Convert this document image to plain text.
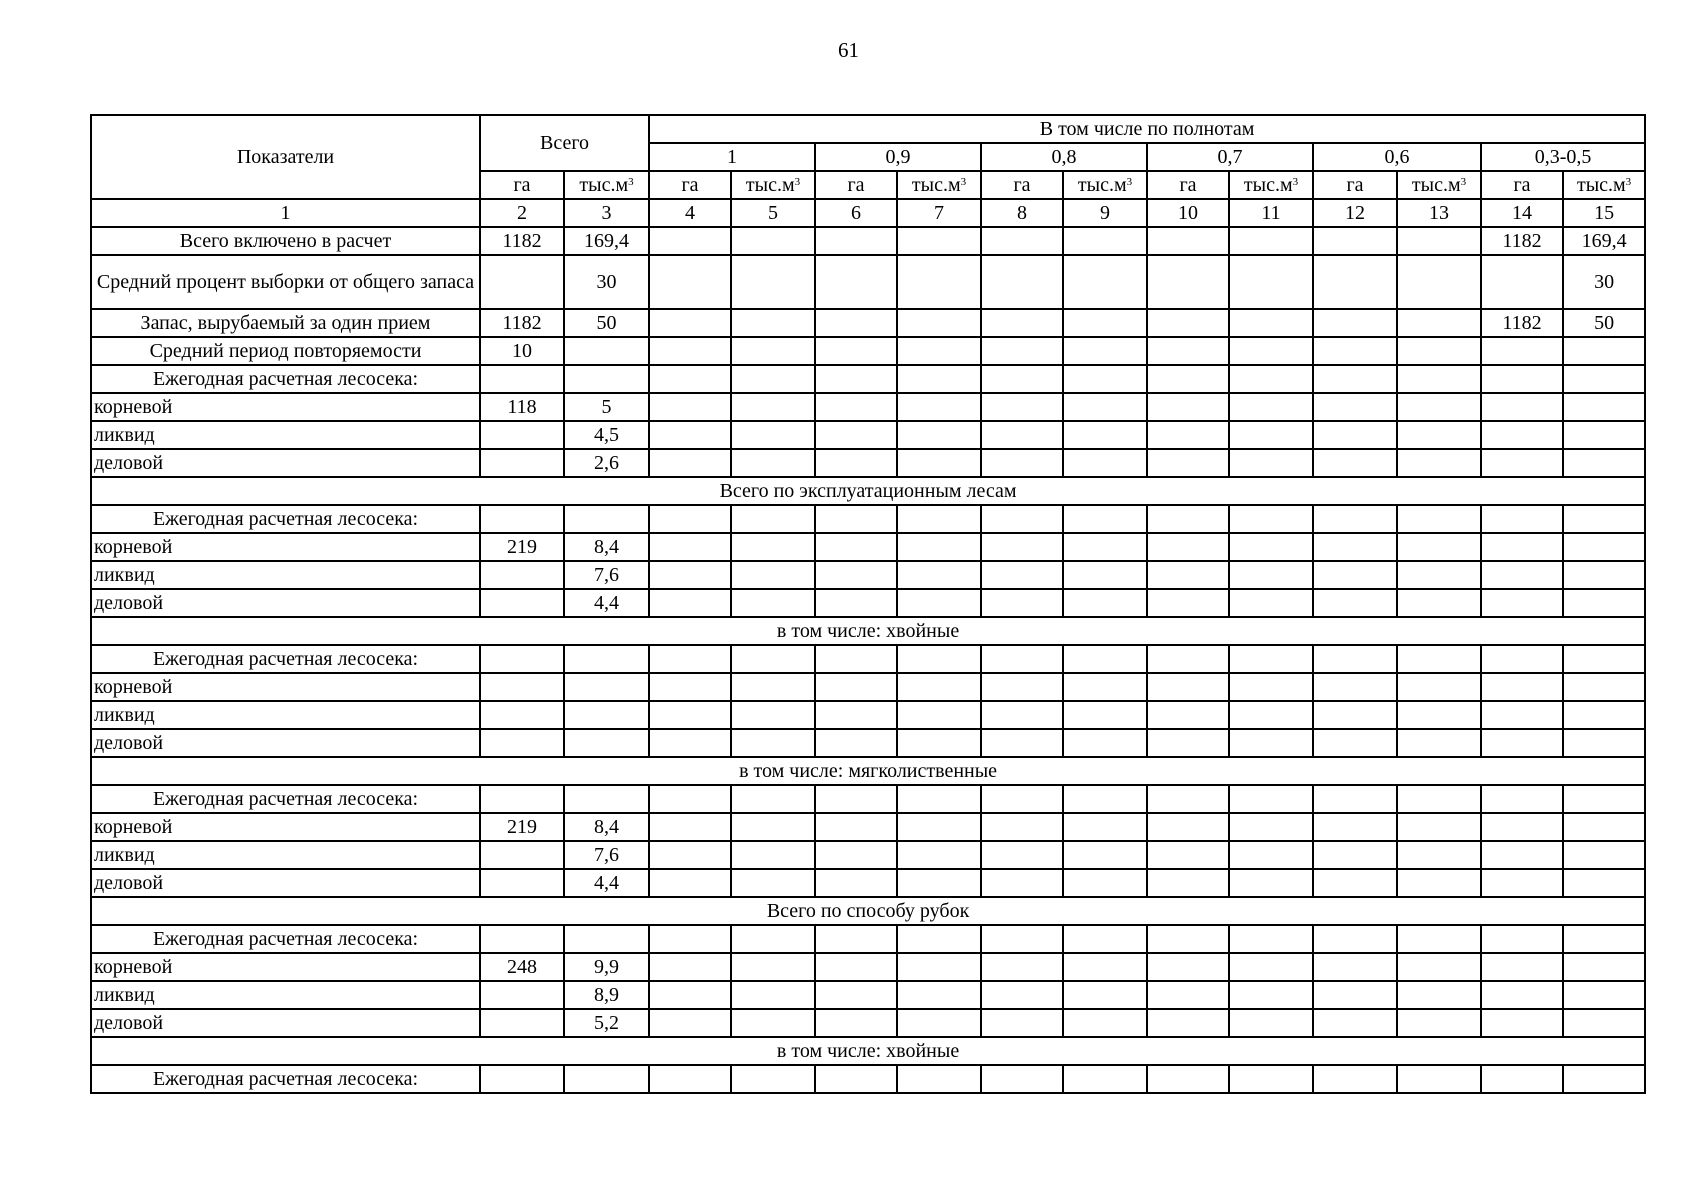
61
Показатели	Всего		В том числе по полнотам											
			1		0,9		0,8		0,7		0,6		0,3-0,5	
	га	$тыс.м^3$	га	$тыс.м^3$	га	$тыс.м^3$	га	$тыс.м^3$	га	$тыс.м^3$	га	$тыс.м^3$	га	$тыс.м^3$
1	2	3	4	5	6	7	8	9	10	11	12	13	14	15
Всего включено в расчет	1182	169,4											1182	169,4
Средний процент выборки от общего запаса		30												30
Запас, вырубаемый за один прием	1182	50											1182	50
Средний период повторяемости	10													
Ежегодная расчетная лесосека:														
корневой	118	5												
ликвид		4,5												
деловой		2,6												
Всего по эксплуатационным лесам														
Ежегодная расчетная лесосека:														
корневой	219	8,4												
ликвид		7,6												
деловой		4,4												
в том числе: хвойные														
Ежегодная расчетная лесосека:														
корневой														
ликвид														
деловой														
в том числе: мягколиственные														
Ежегодная расчетная лесосека:														
корневой	219	8,4												
ликвид		7,6												
деловой		4,4												
Всего по способу рубок														
Ежегодная расчетная лесосека:														
корневой	248	9,9												
ликвид		8,9												
деловой		5,2												
в том числе: хвойные														
Ежегодная расчетная лесосека:														
